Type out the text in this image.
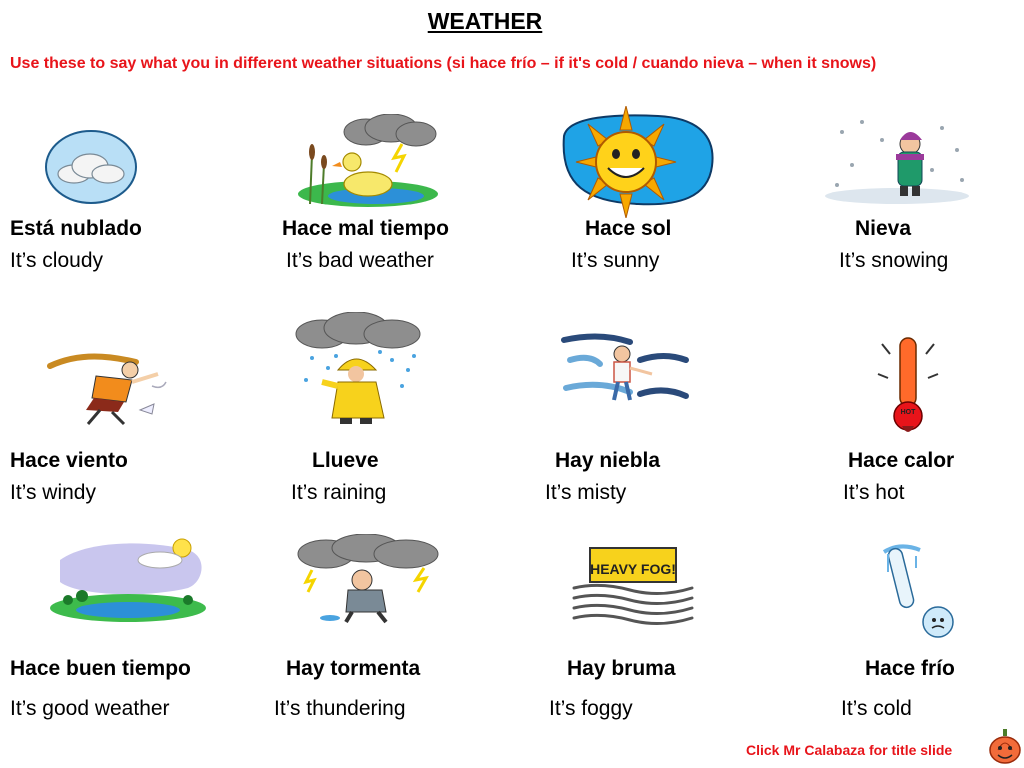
WEATHER
Use these to say what you in different weather situations (si hace frío – if it's cold / cuando nieva – when it snows)
Está nublado
It’s cloudy
Hace mal tiempo
It’s bad weather
Hace sol
It’s sunny
Nieva
It’s snowing
HOT
Hace viento
It’s windy
Llueve
It’s raining
Hay niebla
It’s misty
Hace calor
It’s hot
HEAVY FOG!
Hace buen tiempo
It’s good weather
Hay tormenta
It’s thundering
Hay bruma
It’s foggy
Hace frío
It’s cold
Click Mr Calabaza for title slide
